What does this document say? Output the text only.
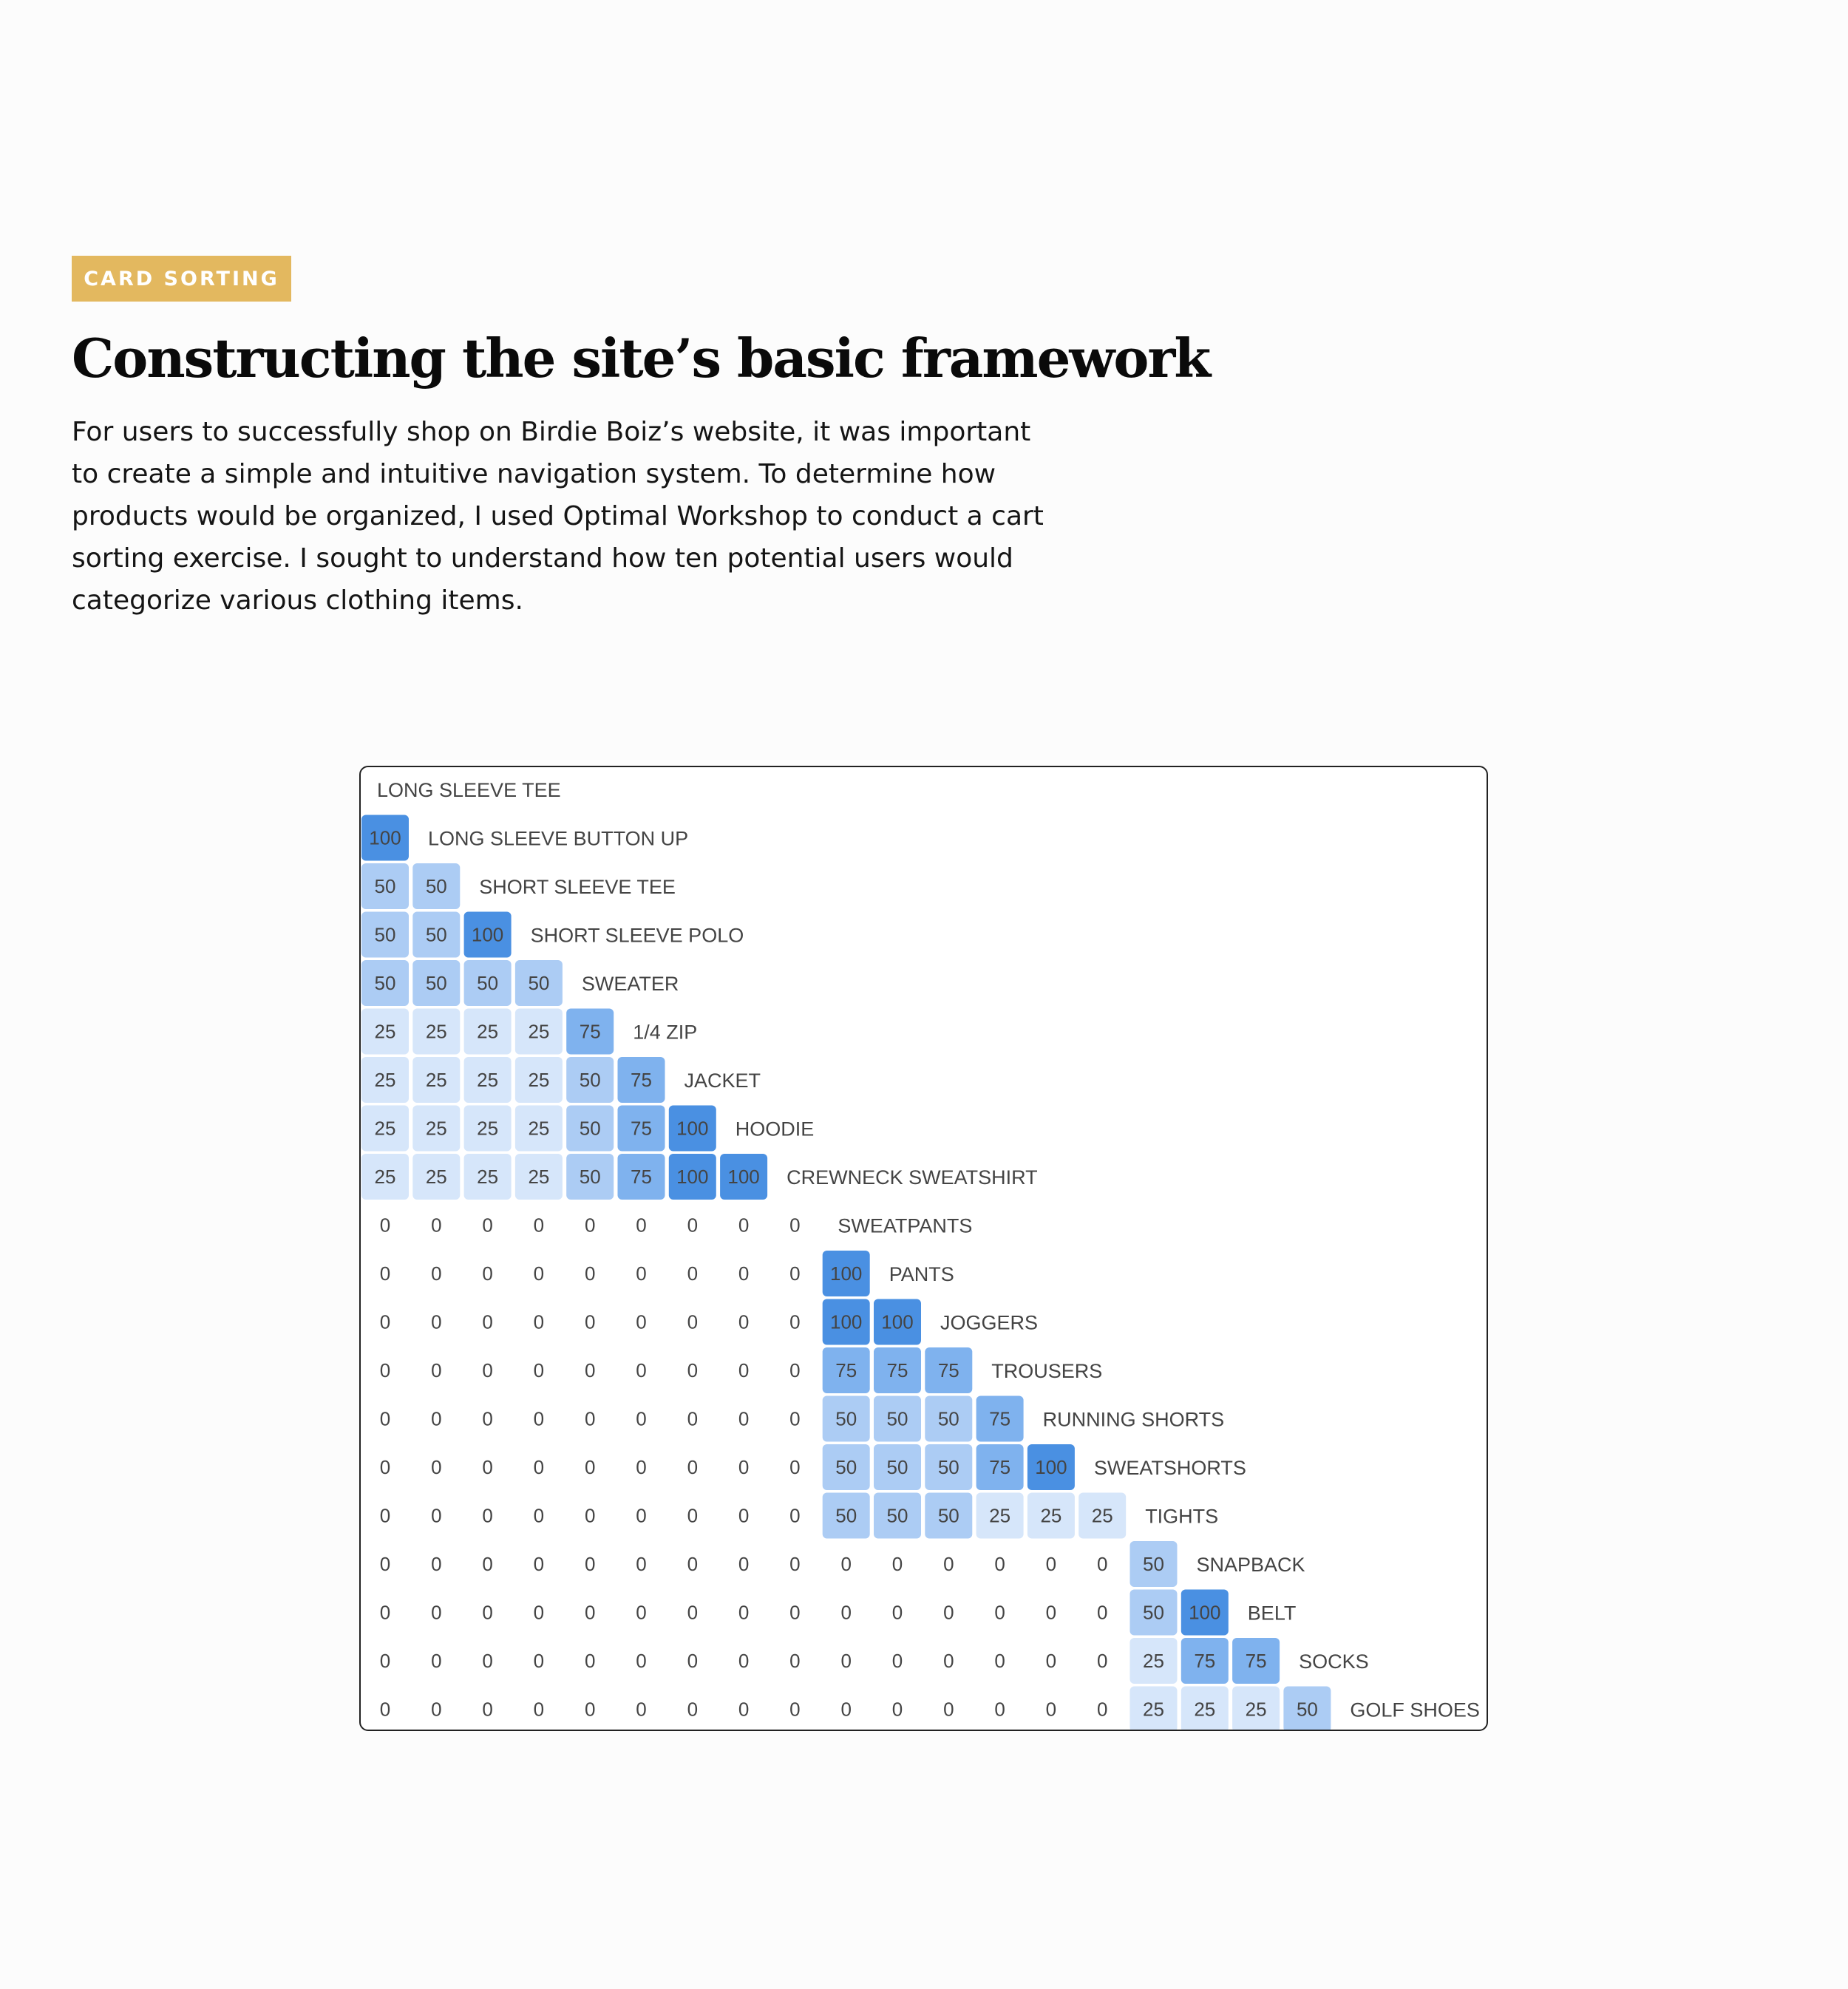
CARD SORTING
Constructing the site’s basic framework

For users to successfully shop on Birdie Boiz’s website, it was important to create a simple and intuitive navigation system. To determine how products would be organized, I used Optimal Workshop to conduct a cart sorting exercise. I sought to understand how ten potential users would categorize various clothing items.

LONG SLEEVE TEE
100 LONG SLEEVE BUTTON UP
50 50 SHORT SLEEVE TEE
50 50 100 SHORT SLEEVE POLO
50 50 50 50 SWEATER
25 25 25 25 75 1/4 ZIP
25 25 25 25 50 75 JACKET
25 25 25 25 50 75 100 HOODIE
25 25 25 25 50 75 100 100 CREWNECK SWEATSHIRT
0 0 0 0 0 0 0 0 0 SWEATPANTS
0 0 0 0 0 0 0 0 0 100 PANTS
0 0 0 0 0 0 0 0 0 100 100 JOGGERS
0 0 0 0 0 0 0 0 0 75 75 75 TROUSERS
0 0 0 0 0 0 0 0 0 50 50 50 75 RUNNING SHORTS
0 0 0 0 0 0 0 0 0 50 50 50 75 100 SWEATSHORTS
0 0 0 0 0 0 0 0 0 50 50 50 25 25 25 TIGHTS
0 0 0 0 0 0 0 0 0 0 0 0 0 0 0 50 SNAPBACK
0 0 0 0 0 0 0 0 0 0 0 0 0 0 0 50 100 BELT
0 0 0 0 0 0 0 0 0 0 0 0 0 0 0 25 75 75 SOCKS
0 0 0 0 0 0 0 0 0 0 0 0 0 0 0 25 25 25 50 GOLF SHOES
